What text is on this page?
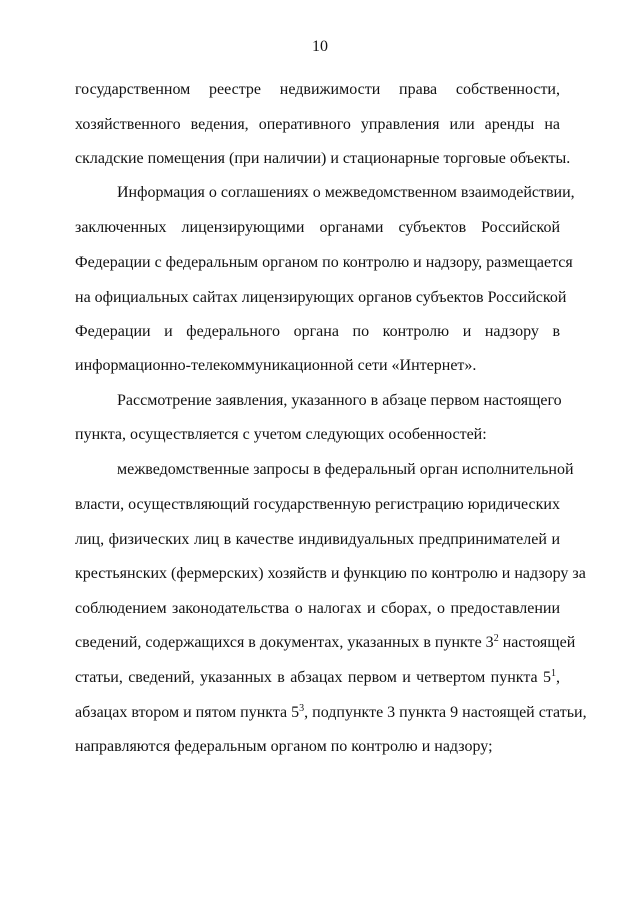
10
государственном реестре недвижимости права собственности,
хозяйственного ведения, оперативного управления или аренды на
складские помещения (при наличии) и стационарные торговые объекты.
Информация о соглашениях о межведомственном взаимодействии,
заключенных лицензирующими органами субъектов Российской
Федерации с федеральным органом по контролю и надзору, размещается
на официальных сайтах лицензирующих органов субъектов Российской
Федерации и федерального органа по контролю и надзору в
информационно-телекоммуникационной сети «Интернет».
Рассмотрение заявления, указанного в абзаце первом настоящего
пункта, осуществляется с учетом следующих особенностей:
межведомственные запросы в федеральный орган исполнительной
власти, осуществляющий государственную регистрацию юридических
лиц, физических лиц в качестве индивидуальных предпринимателей и
крестьянских (фермерских) хозяйств и функцию по контролю и надзору за
соблюдением законодательства о налогах и сборах, о предоставлении
сведений, содержащихся в документах, указанных в пункте $3^2$ настоящей
статьи, сведений, указанных в абзацах первом и четвертом пункта $5^1$,
абзацах втором и пятом пункта $5^3$, подпункте 3 пункта 9 настоящей статьи,
направляются федеральным органом по контролю и надзору;
